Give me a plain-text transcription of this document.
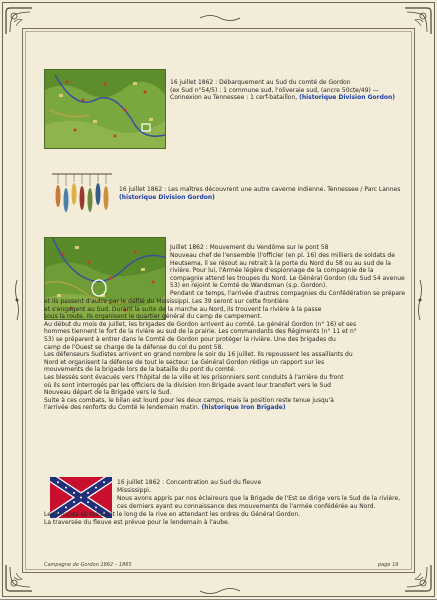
16 juillet 1862 : Débarquement au Sud du comté de Gordon
(ex Sud n°54/5) : 1 commune sud, l'oliveraie sud, (ancre 50cte/49) —
Connexion au Tennessee : 1 cerf-bataillon, (historique Division Gordon)
16 juillet 1862 : Les maîtres découvrent une autre caverne indienne. Tennessee / Parc Lannes (historique Division Gordon)
Juillet 1862 : Mouvement du Vendôme sur le pont 58
Nouveau chef de l'ensemble (l'officier (en pl. 16) des milliers de soldats de
Heutsema, il se résout au retrait à la porte du Nord du 58 ou au sud de la
rivière. Pour lui, l'Armée légère d'espionnage de la compagnie de la
compagnie attend les troupes du Nord. Le Général Gordon (du Sud 54 avenue
53) en rejoint le Comté de Wandsman (s.p. Gordon).
Pendant ce temps, l'arrivée d'autres compagnies du Confédération se prépare
et ils passent d'autre par le défilé du Mississippi. Les 39 seront sur cette frontière
et s'engagent au Sud. Durant la suite de la marche au Nord, ils trouvent la rivière à la passe
sous la route, ils organisent le quartier général du camp de campement.
Au début du mois de juillet, les brigades de Gordon arrivent au comté. Le général Gordon (n° 16) et ses
hommes tiennent le fort de la rivière au sud de la prairie. Les commandants des Régiments (n° 11 et n°
53) se préparent à entrer dans le Comté de Gordon pour protéger la rivière. Une des brigades du
camp de l'Ouest se charge de la défense du col du pont 58.
Les défenseurs Sudistes arrivent en grand nombre le soir du 16 juillet. Ils repoussent les assaillants du
Nord et organisent la défense de tout le secteur. Le Général Gordon rédige un rapport sur les
mouvements de la brigade lors de la bataille du pont du comté.
Les blessés sont évacués vers l'hôpital de la ville et les prisonniers sont conduits à l'arrière du front
où ils sont interrogés par les officiers de la division Iron Brigade avant leur transfert vers le Sud
Nouveau départ de la Brigade vers le Sud.
Suite à ces combats, le bilan est lourd pour les deux camps, mais la position reste tenue jusqu'à
l'arrivée des renforts du Comté le lendemain matin. (historique Iron Brigade)
16 juillet 1862 : Concentration au Sud du fleuve
Mississippi.
Nous avons appris par nos éclaireurs que la Brigade de l'Est se dirige vers le Sud de la rivière,
ces derniers ayant eu connaissance des mouvements de l'armée confédérée au Nord.
Les troupes se massent le long de la rive en attendant les ordres du Général Gordon.
La traversée du fleuve est prévue pour le lendemain à l'aube.
Campagne de Gordon 1862 – 1865	page 19
